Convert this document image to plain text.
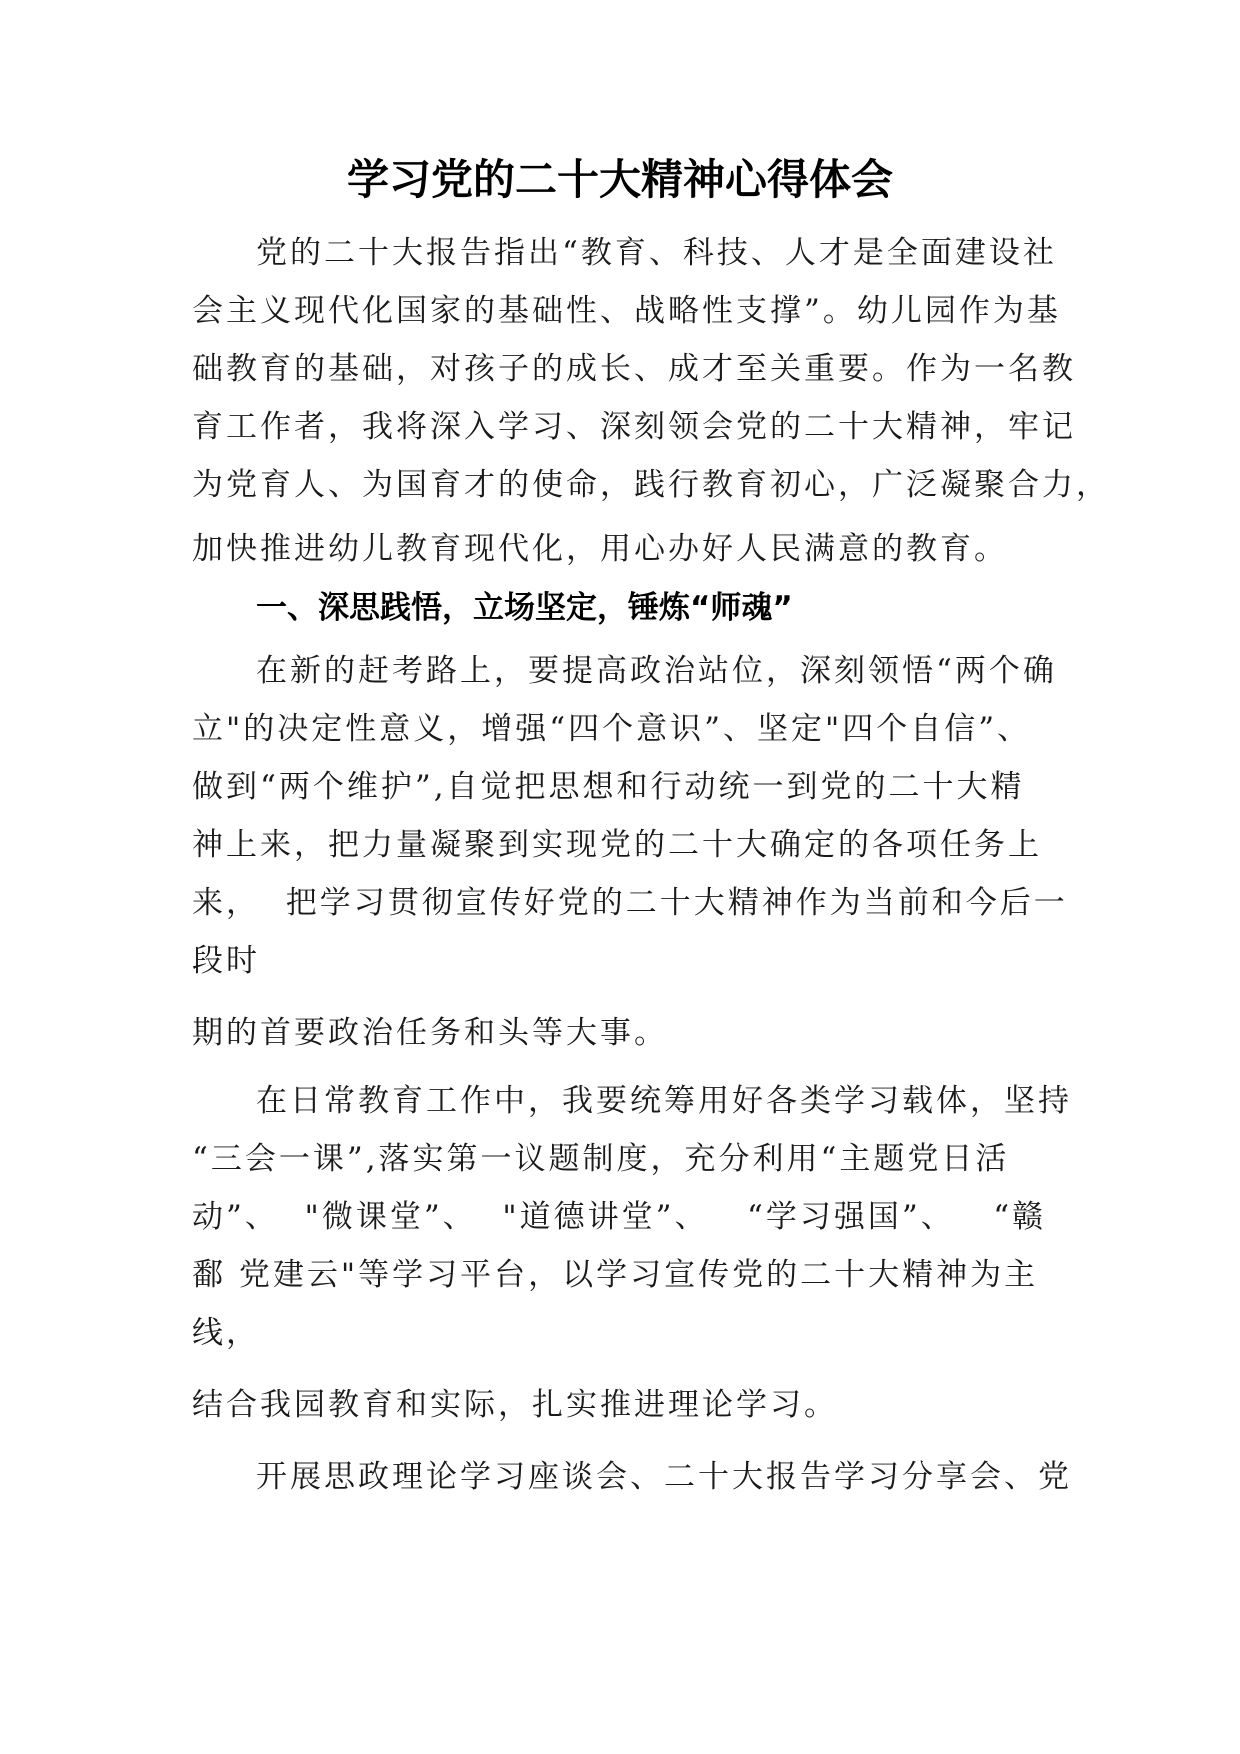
学习党的二十大精神心得体会

党的二十大报告指出“教育、科技、人才是全面建设社

会主义现代化国家的基础性、战略性支撑”。幼儿园作为基

础教育的基础，对孩子的成长、成才至关重要。作为一名教

育工作者，我将深入学习、深刻领会党的二十大精神，牢记

为党育人、为国育才的使命，践行教育初心，广泛凝聚合力，

加快推进幼儿教育现代化，用心办好人民满意的教育。

一、深思践悟，立场坚定，锤炼“师魂”

在新的赶考路上，要提高政治站位，深刻领悟“两个确

立"的决定性意义，增强“四个意识”、坚定"四个自信”、

做到“两个维护”,自觉把思想和行动统一到党的二十大精

神上来，把力量凝聚到实现党的二十大确定的各项任务上

来，  把学习贯彻宣传好党的二十大精神作为当前和今后一

段时

期的首要政治任务和头等大事。

在日常教育工作中，我要统筹用好各类学习载体，坚持

“三会一课”,落实第一议题制度，充分利用“主题党日活

动”、  "微课堂”、  "道德讲堂”、   “学习强国”、   “赣

鄱 党建云"等学习平台，以学习宣传党的二十大精神为主

线，

结合我园教育和实际，扎实推进理论学习。

开展思政理论学习座谈会、二十大报告学习分享会、党
